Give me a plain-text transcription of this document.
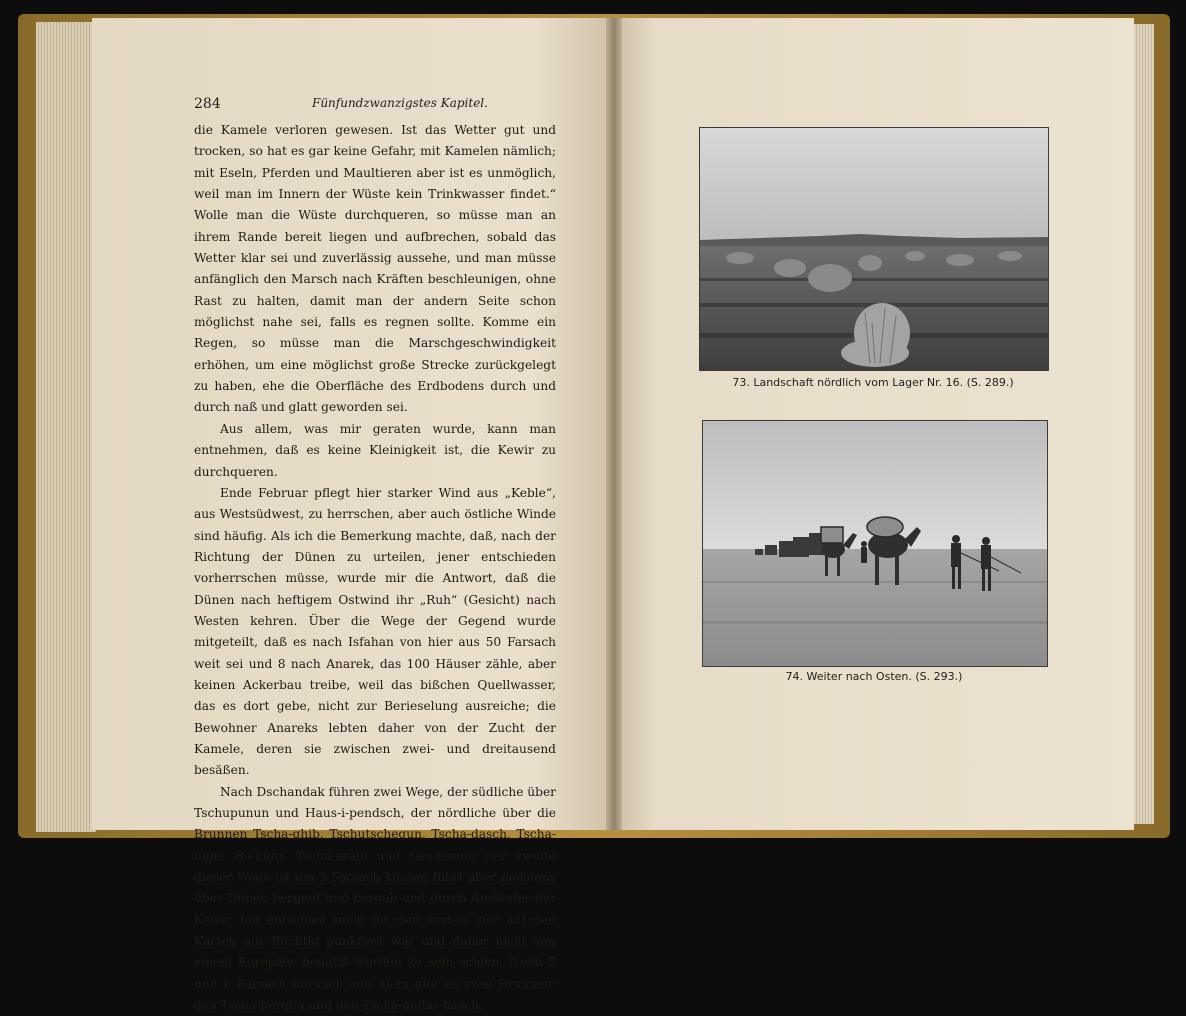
284	Fünfundzwanzigstes Kapitel.

die Kamele verloren gewesen. Ist das Wetter gut und trocken, so hat es gar keine Gefahr, mit Kamelen nämlich; mit Eseln, Pferden und Maultieren aber ist es unmöglich, weil man im Innern der Wüste kein Trinkwasser findet.“ Wolle man die Wüste durchqueren, so müsse man an ihrem Rande bereit liegen und aufbrechen, sobald das Wetter klar sei und zuverlässig aussehe, und man müsse anfänglich den Marsch nach Kräften beschleunigen, ohne Rast zu halten, damit man der andern Seite schon möglichst nahe sei, falls es regnen sollte. Komme ein Regen, so müsse man die Marschgeschwindigkeit erhöhen, um eine möglichst große Strecke zurückgelegt zu haben, ehe die Oberfläche des Erdbodens durch und durch naß und glatt geworden sei.

Aus allem, was mir geraten wurde, kann man entnehmen, daß es keine Kleinigkeit ist, die Kewir zu durchqueren.

Ende Februar pflegt hier starker Wind aus „Keble“, aus Westsüdwest, zu herrschen, aber auch östliche Winde sind häufig. Als ich die Bemerkung machte, daß, nach der Richtung der Dünen zu urteilen, jener entschieden vorherrschen müsse, wurde mir die Antwort, daß die Dünen nach heftigem Ostwind ihr „Ruh“ (Gesicht) nach Westen kehren. Über die Wege der Gegend wurde mitgeteilt, daß es nach Isfahan von hier aus 50 Farsach weit sei und 8 nach Anarek, das 100 Häuser zähle, aber keinen Ackerbau treibe, weil das bißchen Quellwasser, das es dort gebe, nicht zur Berieselung ausreiche; die Bewohner Anareks lebten daher von der Zucht der Kamele, deren sie zwischen zwei- und dreitausend besäßen.

Nach Dschandak führen zwei Wege, der südliche über Tschupunun und Haus-i-pendsch, der nördliche über die Brunnen Tscha-ghib, Tschutschegun, Tscha-dasch, Tscha-nigu, Bo-nigu, Tscha-arabi und Ges-essun; der zweite dieser Wege ist um 3 Farsach kürzer, führt aber meistens über Dünen bergauf und bergab und durch Ausläufer der Kewir. Ich entschied mich für den ersten, der auf den Karten nur flüchtig punktiert war und daher nicht von einem Europäer benutzt worden zu sein schien. Noch 5 und 6 Farsach nördlich von Alem gibt es zwei Brunnen: den Tscha-berghu und den Tscha-gudar-hasch,

73. Landschaft nördlich vom Lager Nr. 16. (S. 289.)
74. Weiter nach Osten. (S. 293.)
